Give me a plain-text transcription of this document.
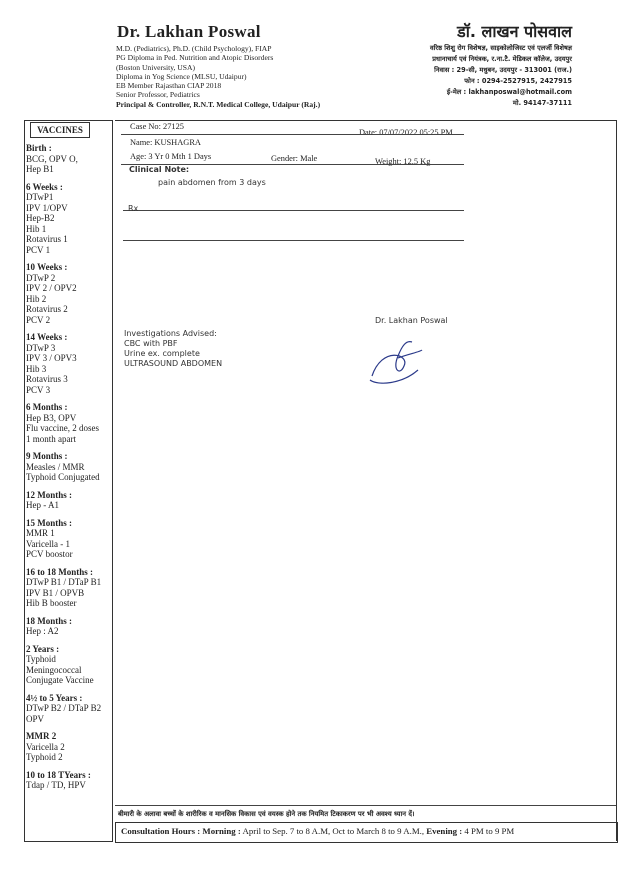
Dr. Lakhan Poswal
M.D. (Pediatrics), Ph.D. (Child Psychology), FIAP
PG Diploma in Ped. Nutrition and Atopic Disorders
(Boston University, USA)
Diploma in Yog Science (MLSU, Udaipur)
EB Member Rajasthan CIAP 2018
Senior Professor, Pediatrics
Principal & Controller, R.N.T. Medical College, Udaipur (Raj.)
डॉ. लाखन पोसवाल
वरिष्ठ शिशु रोग विशेषज्ञ, साइकोलोजिस्ट एवं एलर्जी विशेषज्ञ
प्रधानाचार्य एवं नियंत्रक, र.ना.टै. मेडिकल कॉलेज, उदयपुर
निवास : 29-सी, मधुबन, उदयपुर - 313001 (राज.)
फोन : 0294-2527915, 2427915
ई-मेल : lakhanposwal@hotmail.com
मो. 94147-37111
VACCINES
Birth :
BCG, OPV O,
Hep B1
6 Weeks :
DTwP1
IPV 1/OPV
Hep-B2
Hib 1
Rotavirus 1
PCV 1
10 Weeks :
DTwP 2
IPV 2 / OPV2
Hib 2
Rotavirus 2
PCV 2
14 Weeks :
DTwP 3
IPV 3 / OPV3
Hib 3
Rotavirus 3
PCV 3
6 Months :
Hep B3, OPV
Flu vaccine, 2 doses
1 month apart
9 Months :
Measles / MMR
Typhoid Conjugated
12 Months :
Hep - A1
15 Months :
MMR 1
Varicella - 1
PCV boostor
16 to 18 Months :
DTwP B1 / DTaP B1
IPV B1 / OPVB
Hib B booster
18 Months :
Hep : A2
2 Years :
Typhoid
Meningococcal
Conjugate Vaccine
4½ to 5 Years :
DTwP B2 / DTaP B2
OPV
MMR 2
Varicella 2
Typhoid 2
10 to 18 TYears :
Tdap / TD, HPV
Case No: 27125
Date: 07/07/2022 05:25 PM
Name: KUSHAGRA
Age: 3 Yr 0 Mth 1 Days	Gender: Male	Weight: 12.5 Kg
Clinical Note:
pain abdomen from 3 days
Rx
Dr. Lakhan Poswal
Investigations Advised:
CBC with PBF
Urine ex. complete
ULTRASOUND ABDOMEN
बीमारी के अलावा बच्चों के शारीरिक व मानसिक विकास एवं वयस्क होने तक नियमित टिकाकरण पर भी अवश्य ध्यान दें।
Consultation Hours : Morning : April to Sep. 7 to 8 A.M, Oct to March 8 to 9 A.M., Evening : 4 PM to 9 PM
